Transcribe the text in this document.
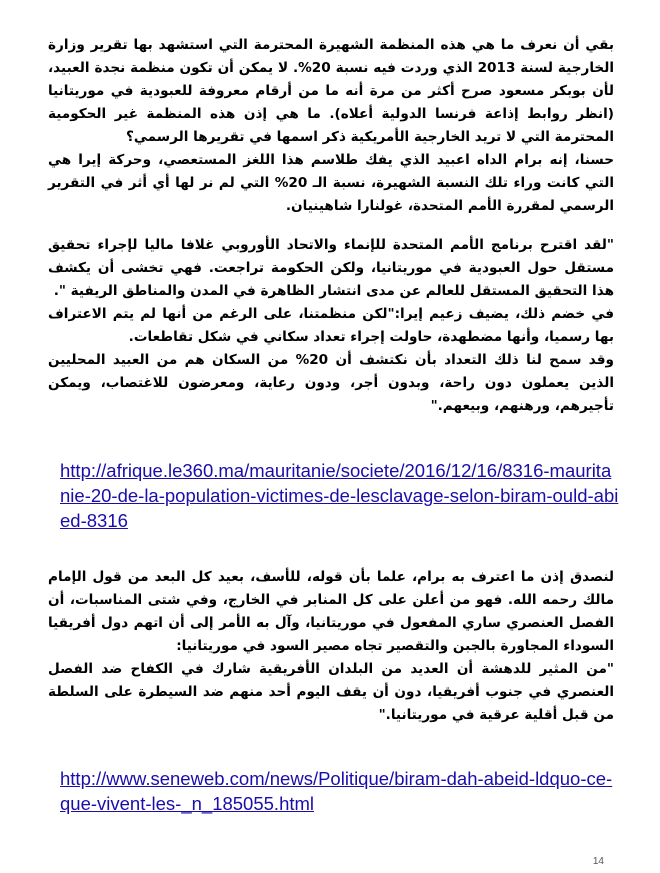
بقي أن نعرف ما هي هذه المنظمة الشهيرة المحترمة التي استشهد بها تقرير وزارة الخارجية لسنة 2013 الذي وردت فيه نسبة 20%. لا يمكن أن تكون منظمة نجدة العبيد، لأن بوبكر مسعود صرح أكثر من مرة أنه ما من أرقام معروفة للعبودية في موريتانيا (انظر روابط إذاعة فرنسا الدولية أعلاه). ما هي إذن هذه المنظمة غير الحكومية المحترمة التي لا تريد الخارجية الأمريكية ذكر اسمها في تقريرها الرسمي؟

حسنا، إنه برام الداه اعبيد الذي يفك طلاسم هذا اللغز المستعصي، وحركة إيرا هي التي كانت وراء تلك النسبة الشهيرة، نسبة الـ 20% التي لم نر لها أي أثر في التقرير الرسمي لمقررة الأمم المتحدة، غولنارا شاهينيان.

"لقد اقترح برنامج الأمم المتحدة للإنماء والاتحاد الأوروبي غلافا ماليا لإجراء تحقيق مستقل حول العبودية في موريتانيا، ولكن الحكومة تراجعت. فهي تخشى أن يكشف هذا التحقيق المستقل للعالم عن مدى انتشار الظاهرة في المدن والمناطق الريفية ".

في خضم ذلك، يضيف زعيم إيرا:"لكن منظمتنا، على الرغم من أنها لم يتم الاعتراف بها رسميا، وأنها مضطهدة، حاولت إجراء تعداد سكاني في شكل تقاطعات.

وقد سمح لنا ذلك التعداد بأن نكتشف أن 20% من السكان هم من العبيد المحليين الذين يعملون دون راحة، وبدون أجر، ودون رعاية، ومعرضون للاغتصاب، ويمكن تأجيرهم، ورهنهم، وبيعهم."

http://afrique.le360.ma/mauritanie/societe/2016/12/16/8316-mauritanie-20-de-la-population-victimes-de-lesclavage-selon-biram-ould-abied-8316

لنصدق إذن ما اعترف به برام، علما بأن قوله، للأسف، بعيد كل البعد من قول الإمام مالك رحمه الله. فهو من أعلن على كل المنابر في الخارج، وفي شتى المناسبات، أن الفصل العنصري ساري المفعول في موريتانيا، وآل به الأمر إلى أن اتهم دول أفريقيا السوداء المجاورة بالجبن والتقصير تجاه مصير السود في موريتانيا:

"من المثير للدهشة أن العديد من البلدان الأفريقية شارك في الكفاح ضد الفصل العنصري في جنوب أفريقيا، دون أن يقف اليوم أحد منهم ضد السيطرة على السلطة من قبل أقلية عرقية في موريتانيا."

http://www.seneweb.com/news/Politique/biram-dah-abeid-ldquo-ce-que-vivent-les-_n_185055.html
14
